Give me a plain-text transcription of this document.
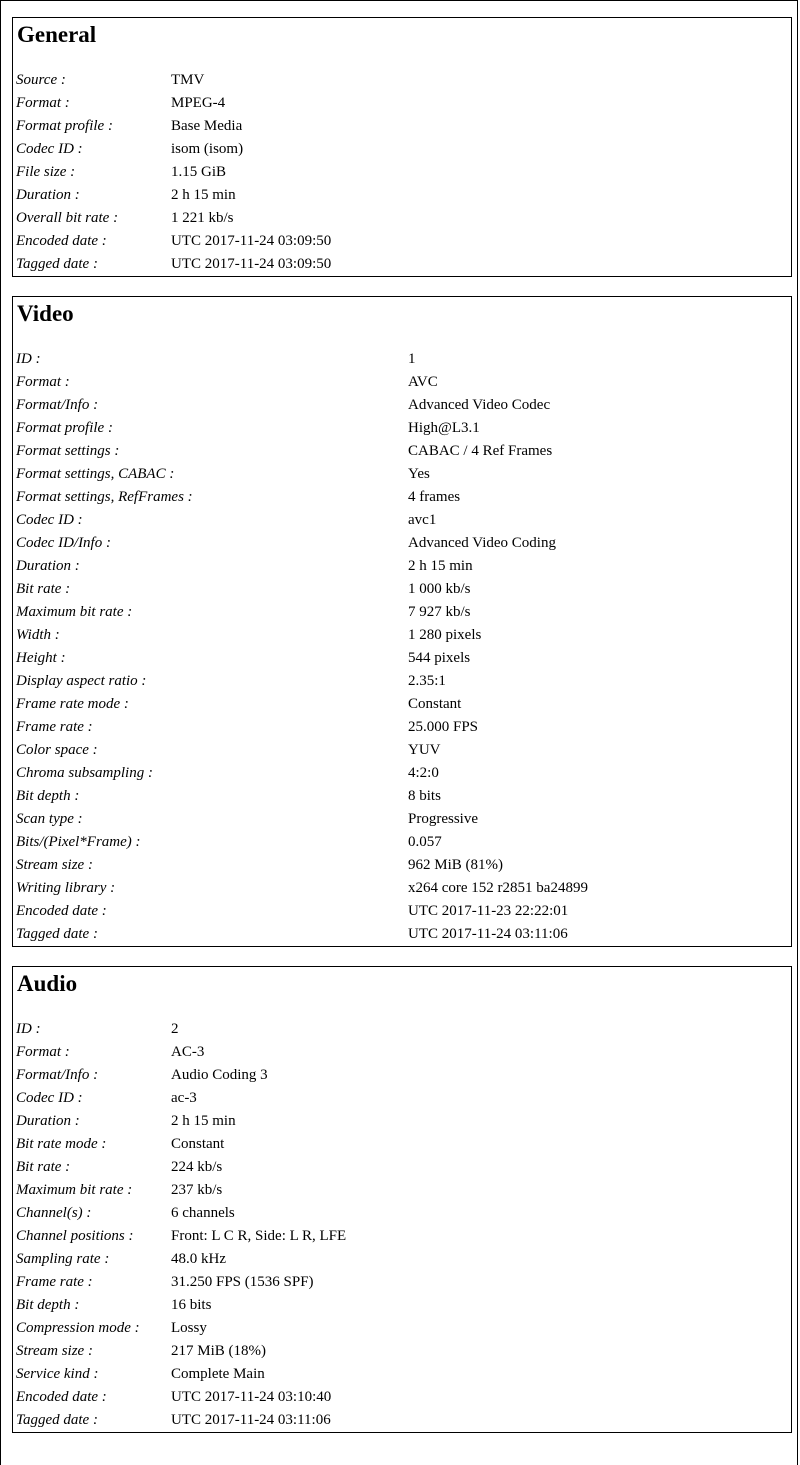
General
Source :	TMV
Format :	MPEG-4
Format profile :	Base Media
Codec ID :	isom (isom)
File size :	1.15 GiB
Duration :	2 h 15 min
Overall bit rate :	1 221 kb/s
Encoded date :	UTC 2017-11-24 03:09:50
Tagged date :	UTC 2017-11-24 03:09:50
Video
ID :	1
Format :	AVC
Format/Info :	Advanced Video Codec
Format profile :	High@L3.1
Format settings :	CABAC / 4 Ref Frames
Format settings, CABAC :	Yes
Format settings, RefFrames :	4 frames
Codec ID :	avc1
Codec ID/Info :	Advanced Video Coding
Duration :	2 h 15 min
Bit rate :	1 000 kb/s
Maximum bit rate :	7 927 kb/s
Width :	1 280 pixels
Height :	544 pixels
Display aspect ratio :	2.35:1
Frame rate mode :	Constant
Frame rate :	25.000 FPS
Color space :	YUV
Chroma subsampling :	4:2:0
Bit depth :	8 bits
Scan type :	Progressive
Bits/(Pixel*Frame) :	0.057
Stream size :	962 MiB (81%)
Writing library :	x264 core 152 r2851 ba24899
Encoded date :	UTC 2017-11-23 22:22:01
Tagged date :	UTC 2017-11-24 03:11:06
Audio
ID :	2
Format :	AC-3
Format/Info :	Audio Coding 3
Codec ID :	ac-3
Duration :	2 h 15 min
Bit rate mode :	Constant
Bit rate :	224 kb/s
Maximum bit rate :	237 kb/s
Channel(s) :	6 channels
Channel positions : Front: L C R, Side: L R, LFE
Sampling rate :	48.0 kHz
Frame rate :	31.250 FPS (1536 SPF)
Bit depth :	16 bits
Compression mode : Lossy
Stream size :	217 MiB (18%)
Service kind :	Complete Main
Encoded date :	UTC 2017-11-24 03:10:40
Tagged date :	UTC 2017-11-24 03:11:06
